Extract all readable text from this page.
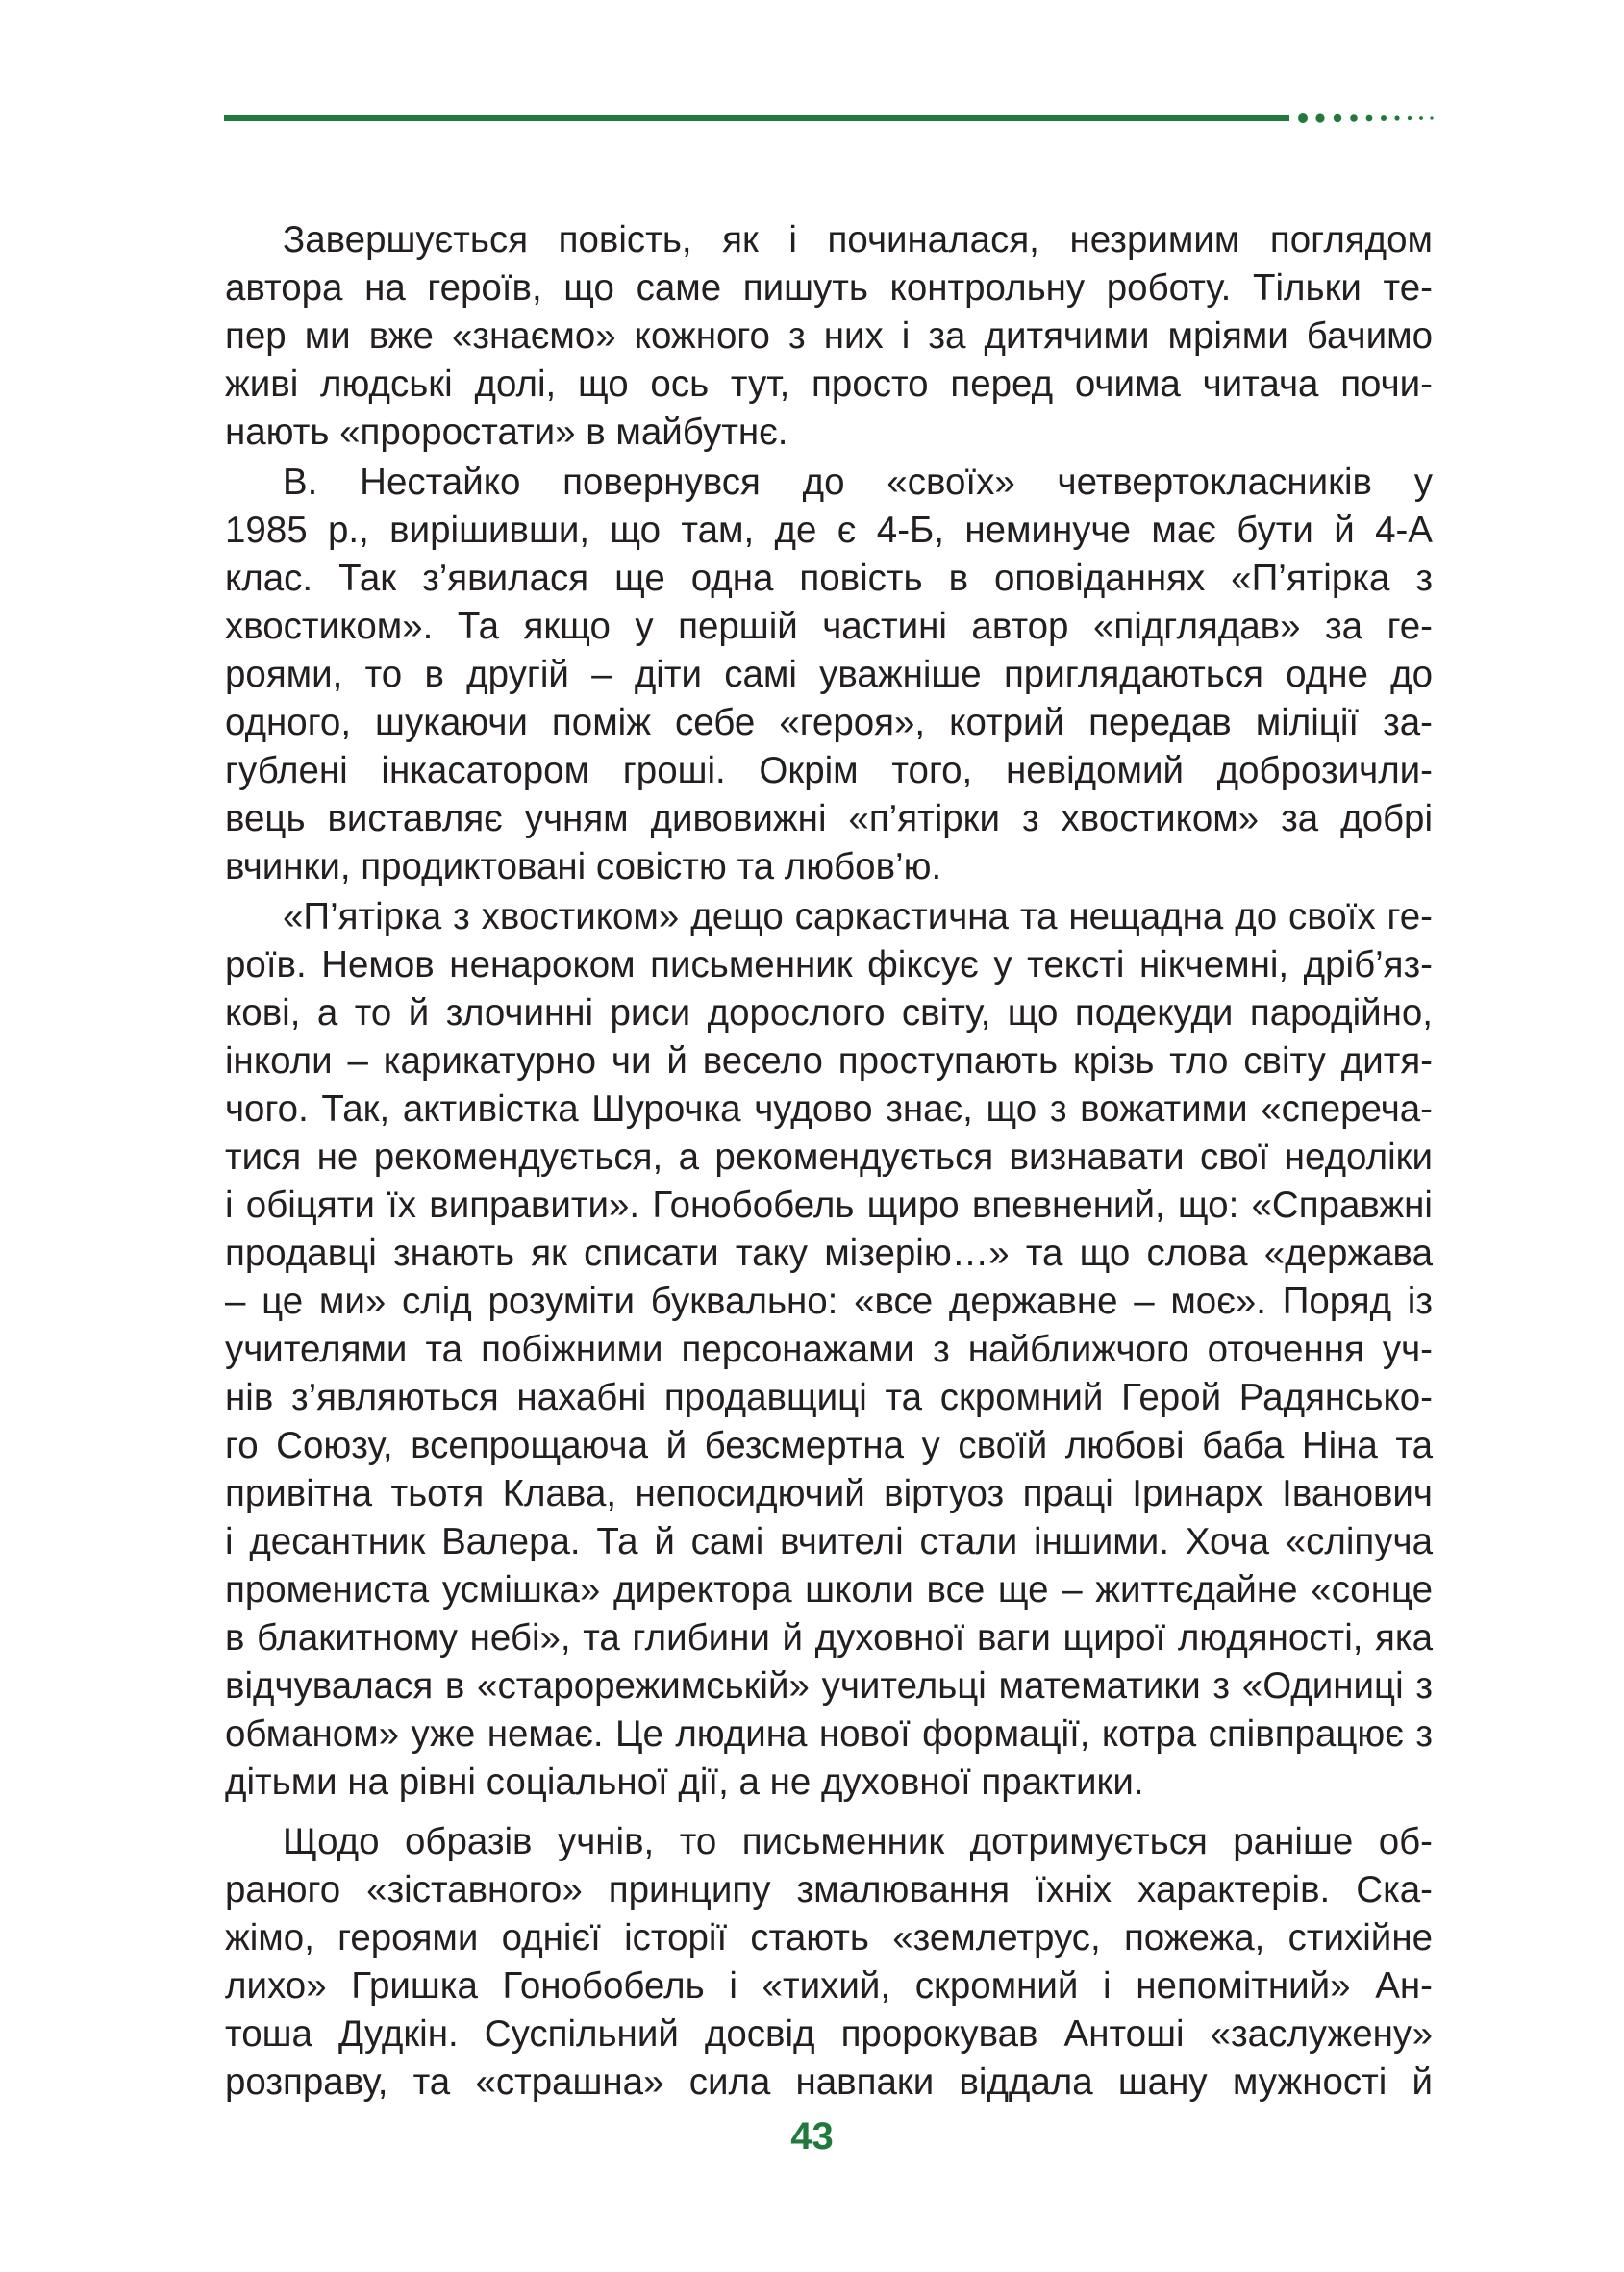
Завершується повість, як і починалася, незримим поглядом
автора на героїв, що саме пишуть контрольну роботу. Тільки те-
пер ми вже «знаємо» кожного з них і за дитячими мріями бачимо
живі людські долі, що ось тут, просто перед очима читача почи-
нають «проростати» в майбутнє.

В. Нестайко повернувся до «своїх» четвертокласників у
1985 р., вирішивши, що там, де є 4-Б, неминуче має бути й 4-А
клас. Так з’явилася ще одна повість в оповіданнях «П’ятірка з
хвостиком». Та якщо у першій частині автор «підглядав» за ге-
роями, то в другій – діти самі уважніше приглядаються одне до
одного, шукаючи поміж себе «героя», котрий передав міліції за-
гублені інкасатором гроші. Окрім того, невідомий доброзичли-
вець виставляє учням дивовижні «п’ятірки з хвостиком» за добрі
вчинки, продиктовані совістю та любов’ю.

«П’ятірка з хвостиком» дещо саркастична та нещадна до своїх ге-
роїв. Немов ненароком письменник фіксує у тексті нікчемні, дріб’яз-
кові, а то й злочинні риси дорослого світу, що подекуди пародійно,
інколи – карикатурно чи й весело проступають крізь тло світу дитя-
чого. Так, активістка Шурочка чудово знає, що з вожатими «сперечa-
тися не рекомендується, а рекомендується визнавати свої недоліки
і обіцяти їх виправити». Гонобобель щиро впевнений, що: «Справжні
продавці знають як списати таку мізерію…» та що слова «держава
– це ми» слід розуміти буквально: «все державне – моє». Поряд із
учителями та побіжними персонажами з найближчого оточення уч-
нів з’являються нахабні продавщиці та скромний Герой Радянсько-
го Союзу, всепрощаюча й безсмертна у своїй любові баба Ніна та
привітна тьотя Клава, непосидючий віртуоз праці Іринарх Іванович
і десантник Валера. Та й самі вчителі стали іншими. Хоча «сліпуча
промениста усмішка» директора школи все ще – життєдайне «сонце
в блакитному небі», та глибини й духовної ваги щирої людяності, яка
відчувалася в «старорежимській» учительці математики з «Одиниці з
обманом» уже немає. Це людина нової формації, котра співпрацює з
дітьми на рівні соціальної дії, а не духовної практики.

Щодо образів учнів, то письменник дотримується раніше об-
раного «зіставного» принципу змалювання їхніх характерів. Ска-
жімо, героями однієї історії стають «землетрус, пожежа, стихійне
лихо» Гришка Гонобобель і «тихий, скромний і непомітний» Ан-
тоша Дудкін. Суспільний досвід пророкував Антоші «заслужену»
розправу, та «страшна» сила навпаки віддала шану мужності й

43
